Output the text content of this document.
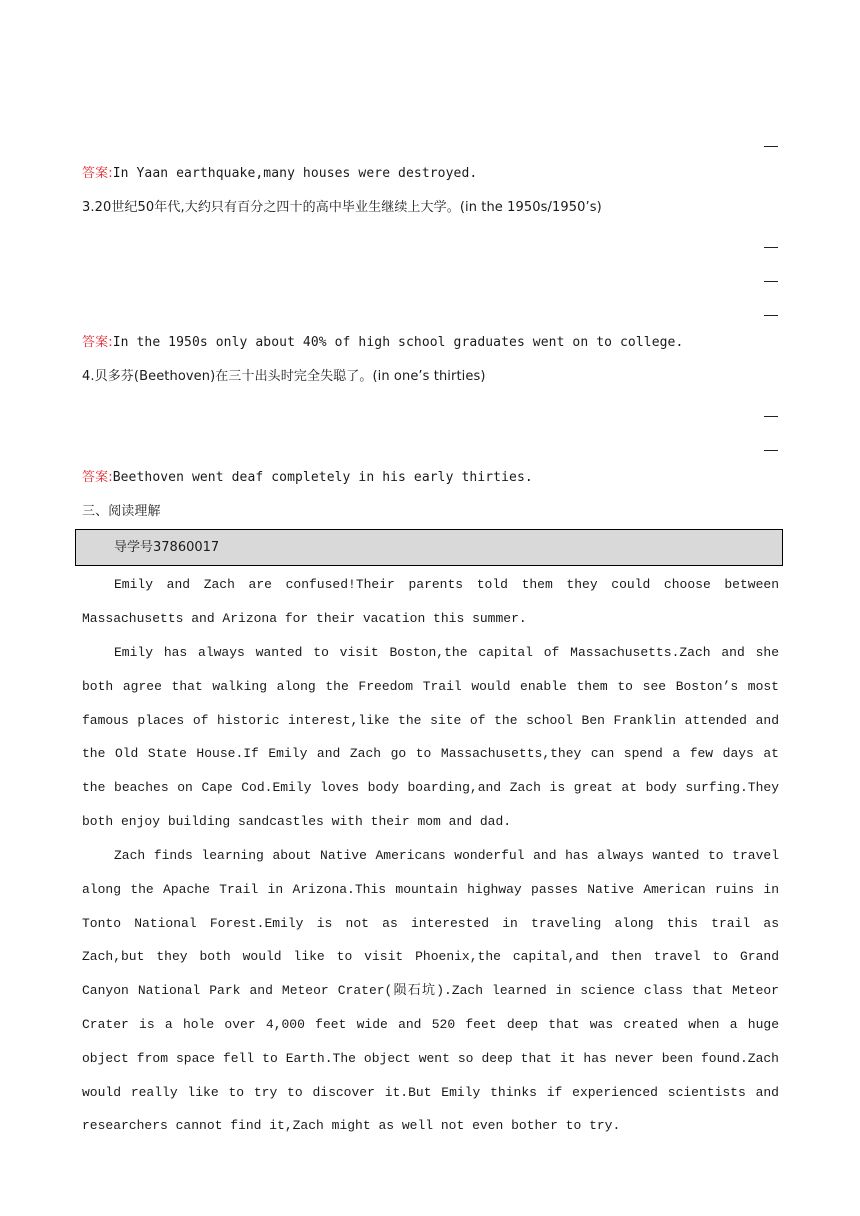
答案:In Yaan earthquake,many houses were destroyed.
3.20世纪50年代,大约只有百分之四十的高中毕业生继续上大学。(in the 1950s/1950’s)
答案:In the 1950s only about 40% of high school graduates went on to college.
4.贝多芬(Beethoven)在三十出头时完全失聪了。(in one’s thirties)
答案:Beethoven went deaf completely in his early thirties.
三、阅读理解
导学号37860017
Emily and Zach are confused!Their parents told them they could choose between Massachusetts and Arizona for their vacation this summer.
Emily has always wanted to visit Boston,the capital of Massachusetts.Zach and she both agree that walking along the Freedom Trail would enable them to see Boston’s most famous places of historic interest,like the site of the school Ben Franklin attended and the Old State House.If Emily and Zach go to Massachusetts,they can spend a few days at the beaches on Cape Cod.Emily loves body boarding,and Zach is great at body surfing.They both enjoy building sandcastles with their mom and dad.
Zach finds learning about Native Americans wonderful and has always wanted to travel along the Apache Trail in Arizona.This mountain highway passes Native American ruins in Tonto National Forest.Emily is not as interested in traveling along this trail as Zach,but they both would like to visit Phoenix,the capital,and then travel to Grand Canyon National Park and Meteor Crater(陨石坑).Zach learned in science class that Meteor Crater is a hole over 4,000 feet wide and 520 feet deep that was created when a huge object from space fell to Earth.The object went so deep that it has never been found.Zach would really like to try to discover it.But Emily thinks if experienced scientists and researchers cannot find it,Zach might as well not even bother to try.
